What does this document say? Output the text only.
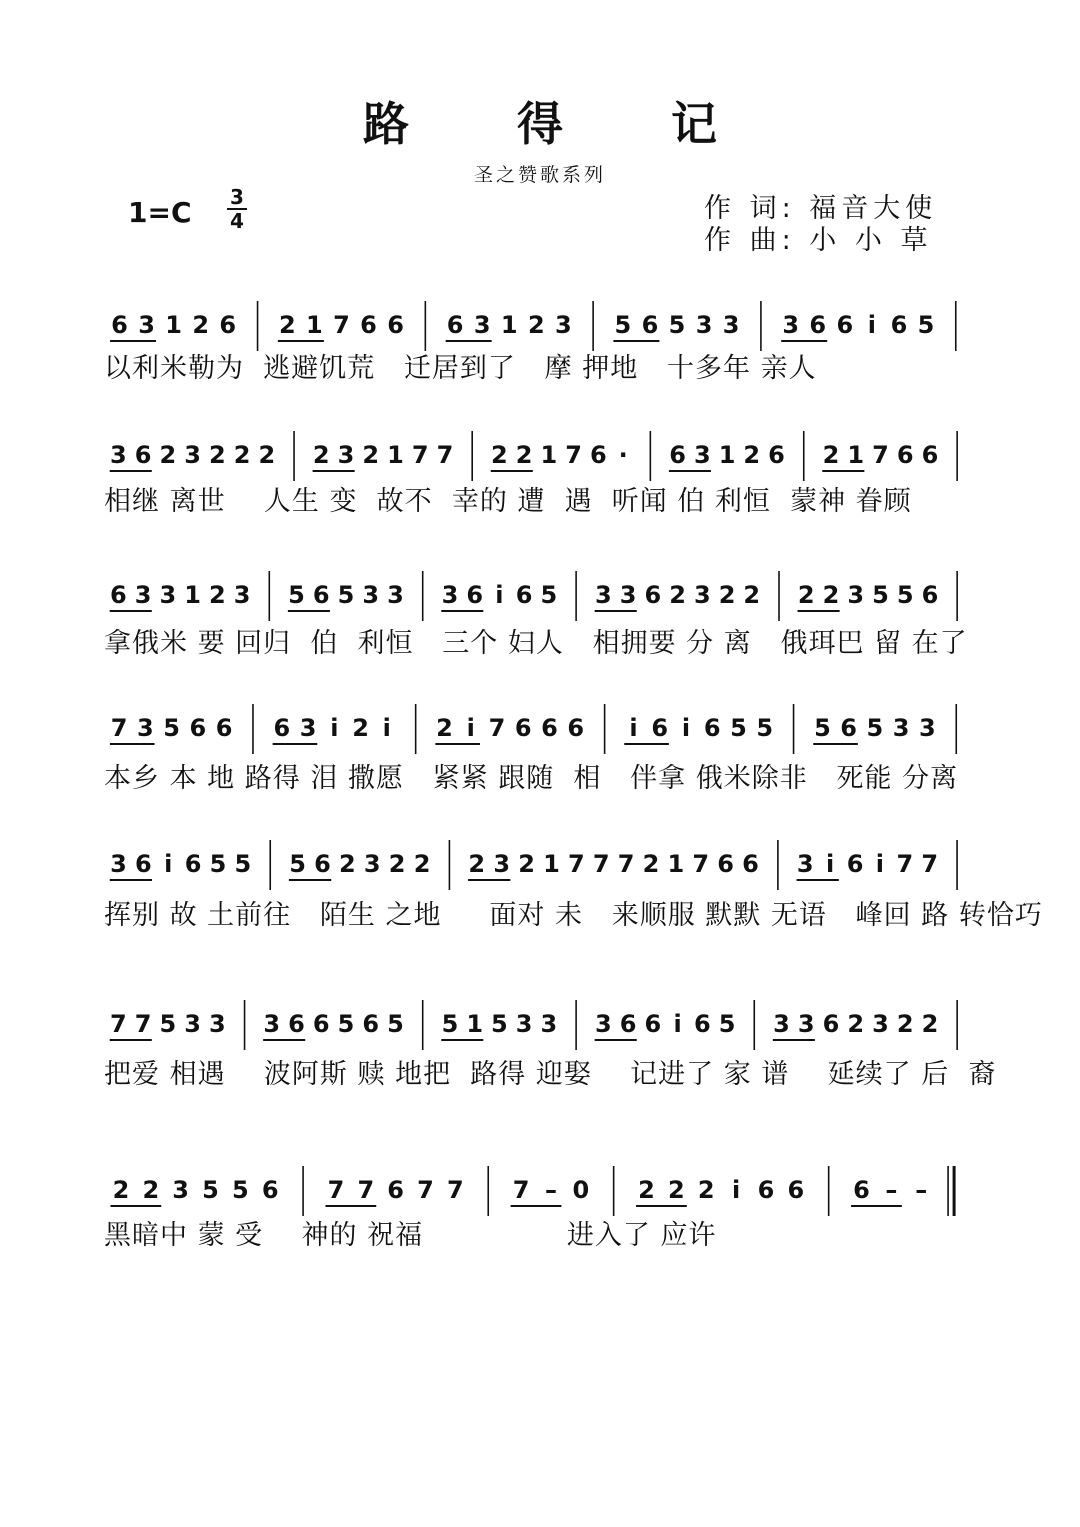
路 得 记
圣之赞歌系列
1=C 3
4	作 词: 福音大使
作 曲: 小 小 草
6 3 1 2 6 2 1 7 6 6 6 3 1 2 3 5 6 5 3 3 3 6 6 i 6 5
3 6 2 3 2 2 2 2 3 2 1 7 7 2 2 1 7 6 · 6 3 1 2 6 2 1 7 6 6
6 3 3 1 2 3 5 6 5 3 3 3 6 i 6 5 3 3 6 2 3 2 2 2 2 3 5 5 6
7 3 5 6 6 6 3 i 2 i 2 i 7 6 6 6 i 6 i 6 5 5 5 6 5 3 3
3 6 i 6 5 5 5 6 2 3 2 2 2 3 2 1 7 7 7 2 1 7 6 6 3 i 6 i 7 7
7 7 5 3 3 3 6 6 5 6 5 5 1 5 3 3 3 6 6 i 6 5 3 3 6 2 3 2 2
2 2 3 5 5 6 7 7 6 7 7 7 – 0 2 2 2 i 6 6 6 – –
以利米勒为  逃避饥荒   迁居到了   摩 押地   十多年 亲人
相继 离世    人生 变  故不  幸的 遭  遇  听闻 伯 利恒  蒙神 眷顾
拿俄米 要 回归  伯  利恒   三个 妇人   相拥要 分 离   俄珥巴 留 在了
本乡 本 地 路得 泪 撒愿   紧紧 跟随  相   伴拿 俄米除非   死能 分离
挥别 故 土前往   陌生 之地     面对 未   来顺服 默默 无语   峰回 路 转恰巧
把爱 相遇    波阿斯 赎 地把  路得 迎娶    记进了 家 谱    延续了 后  裔
黑暗中 蒙 受    神的 祝福               进入了 应许
